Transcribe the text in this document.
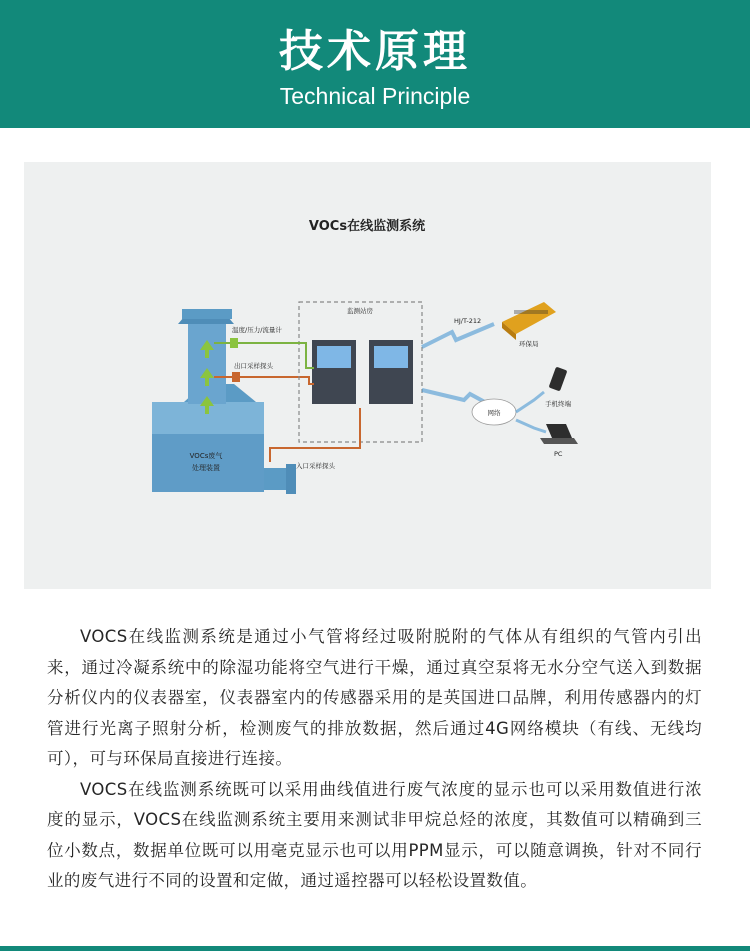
技术原理
Technical Principle
VOCs在线监测系统
VOCs废气
处理装置
温度/压力/流量计
出口采样探头
监测站房
入口采样探头
HJ/T-212
环保局
网络
手机终端
PC

VOCS在线监测系统是通过小气管将经过吸附脱附的气体从有组织的气管内引出来，通过冷凝系统中的除湿功能将空气进行干燥，通过真空泵将无水分空气送入到数据分析仪内的仪表器室，仪表器室内的传感器采用的是英国进口品牌，利用传感器内的灯管进行光离子照射分析，检测废气的排放数据，然后通过4G网络模块（有线、无线均可），可与环保局直接进行连接。

VOCS在线监测系统既可以采用曲线值进行废气浓度的显示也可以采用数值进行浓度的显示，VOCS在线监测系统主要用来测试非甲烷总烃的浓度，其数值可以精确到三位小数点，数据单位既可以用毫克显示也可以用PPM显示，可以随意调换，针对不同行业的废气进行不同的设置和定做，通过遥控器可以轻松设置数值。
